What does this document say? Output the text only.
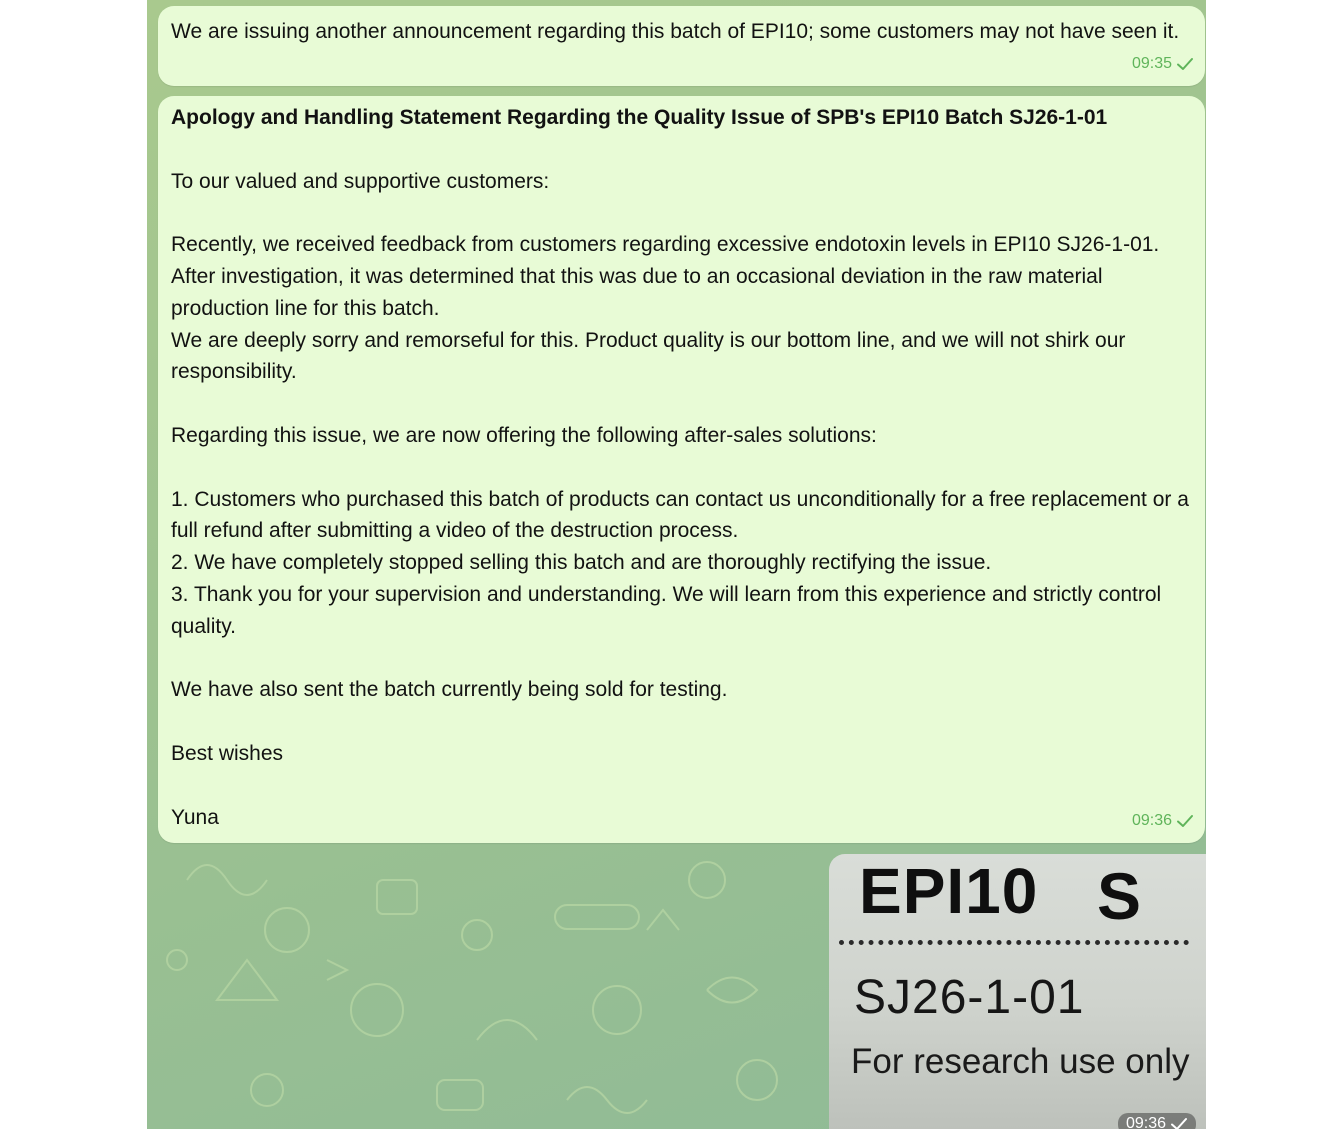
We are issuing another announcement regarding this batch of EPI10; some customers may not have seen it.

09:35

Apology and Handling Statement Regarding the Quality Issue of SPB's EPI10 Batch SJ26-1-01

To our valued and supportive customers:

Recently, we received feedback from customers regarding excessive endotoxin levels in EPI10 SJ26-1-01. After investigation, it was determined that this was due to an occasional deviation in the raw material production line for this batch.

We are deeply sorry and remorseful for this. Product quality is our bottom line, and we will not shirk our responsibility.

Regarding this issue, we are now offering the following after-sales solutions:

1. Customers who purchased this batch of products can contact us unconditionally for a free replacement or a full refund after submitting a video of the destruction process.

2. We have completely stopped selling this batch and are thoroughly rectifying the issue.

3. Thank you for your supervision and understanding. We will learn from this experience and strictly control quality.

We have also sent the batch currently being sold for testing.

Best wishes

Yuna	09:36
EPI10 S
SJ26-1-01
For research use only
09:36
